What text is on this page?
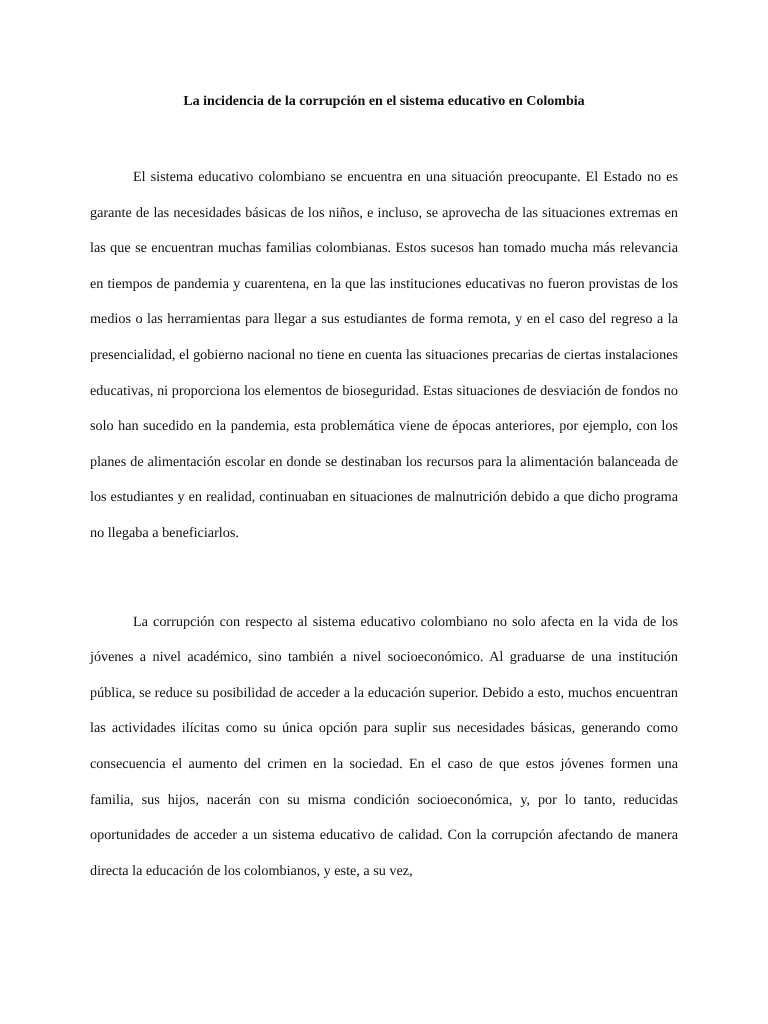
La incidencia de la corrupción en el sistema educativo en Colombia

El sistema educativo colombiano se encuentra en una situación preocupante. El Estado no es garante de las necesidades básicas de los niños, e incluso, se aprovecha de las situaciones extremas en las que se encuentran muchas familias colombianas. Estos sucesos han tomado mucha más relevancia en tiempos de pandemia y cuarentena, en la que las instituciones educativas no fueron provistas de los medios o las herramientas para llegar a sus estudiantes de forma remota, y en el caso del regreso a la presencialidad, el gobierno nacional no tiene en cuenta las situaciones precarias de ciertas instalaciones educativas, ni proporciona los elementos de bioseguridad. Estas situaciones de desviación de fondos no solo han sucedido en la pandemia, esta problemática viene de épocas anteriores, por ejemplo, con los planes de alimentación escolar en donde se destinaban los recursos para la alimentación balanceada de los estudiantes y en realidad, continuaban en situaciones de malnutrición debido a que dicho programa no llegaba a beneficiarlos.

La corrupción con respecto al sistema educativo colombiano no solo afecta en la vida de los jóvenes a nivel académico, sino también a nivel socioeconómico. Al graduarse de una institución pública, se reduce su posibilidad de acceder a la educación superior. Debido a esto, muchos encuentran las actividades ilícitas como su única opción para suplir sus necesidades básicas, generando como consecuencia el aumento del crimen en la sociedad. En el caso de que estos jóvenes formen una familia, sus hijos, nacerán con su misma condición socioeconómica, y, por lo tanto, reducidas oportunidades de acceder a un sistema educativo de calidad. Con la corrupción afectando de manera directa la educación de los colombianos, y este, a su vez,
